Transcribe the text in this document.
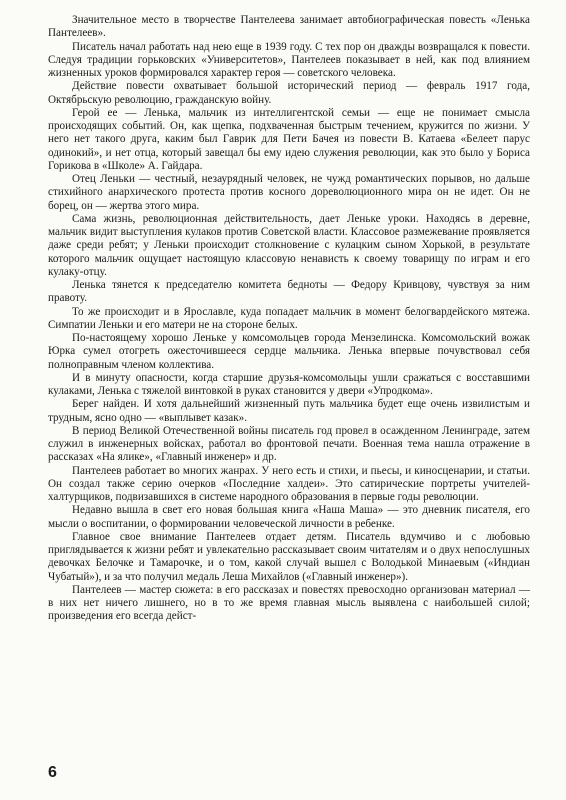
Значительное место в творчестве Пантелеева занимает автобиографическая повесть «Ленька Пантелеев».

Писатель начал работать над нею еще в 1939 году. С тех пор он дважды возвращался к повести. Следуя традиции горьковских «Университетов», Пантелеев показывает в ней, как под влиянием жизненных уроков формировался характер героя — советского человека.

Действие повести охватывает большой исторический период — февраль 1917 года, Октябрьскую революцию, гражданскую войну.

Герой ее — Ленька, мальчик из интеллигентской семьи — еще не понимает смысла происходящих событий. Он, как щепка, подхваченная быстрым течением, кружится по жизни. У него нет такого друга, каким был Гаврик для Пети Бачея из повести В. Катаева «Белеет парус одинокий», и нет отца, который завещал бы ему идею служения революции, как это было у Бориса Горикова в «Школе» А. Гайдара.

Отец Леньки — честный, незаурядный человек, не чужд романтических порывов, но дальше стихийного анархического протеста против косного дореволюционного мира он не идет. Он не борец, он — жертва этого мира.

Сама жизнь, революционная действительность, дает Леньке уроки. Находясь в деревне, мальчик видит выступления кулаков против Советской власти. Классовое размежевание проявляется даже среди ребят; у Леньки происходит столкновение с кулацким сыном Хорькой, в результате которого мальчик ощущает настоящую классовую ненависть к своему товарищу по играм и его кулаку-отцу.

Ленька тянется к председателю комитета бедноты — Федору Кривцову, чувствуя за ним правоту.

То же происходит и в Ярославле, куда попадает мальчик в момент белогвардейского мятежа. Симпатии Леньки и его матери не на стороне белых.

По-настоящему хорошо Леньке у комсомольцев города Мензелинска. Комсомольский вожак Юрка сумел отогреть ожесточившееся сердце мальчика. Ленька впервые почувствовал себя полноправным членом коллектива.

И в минуту опасности, когда старшие друзья-комсомольцы ушли сражаться с восставшими кулаками, Ленька с тяжелой винтовкой в руках становится у двери «Упродкома».

Берег найден. И хотя дальнейший жизненный путь мальчика будет еще очень извилистым и трудным, ясно одно — «выплывет казак».

В период Великой Отечественной войны писатель год провел в осажденном Ленинграде, затем служил в инженерных войсках, работал во фронтовой печати. Военная тема нашла отражение в рассказах «На ялике», «Главный инженер» и др.

Пантелеев работает во многих жанрах. У него есть и стихи, и пьесы, и киносценарии, и статьи. Он создал также серию очерков «Последние халдеи». Это сатирические портреты учителей-халтурщиков, подвизавшихся в системе народного образования в первые годы революции.

Недавно вышла в свет его новая большая книга «Наша Маша» — это дневник писателя, его мысли о воспитании, о формировании человеческой личности в ребенке.

Главное свое внимание Пантелеев отдает детям. Писатель вдумчиво и с любовью приглядывается к жизни ребят и увлекательно рассказывает своим читателям и о двух непослушных девочках Белочке и Тамарочке, и о том, какой случай вышел с Володькой Минаевым («Индиан Чубатый»), и за что получил медаль Леша Михайлов («Главный инженер»).

Пантелеев — мастер сюжета: в его рассказах и повестях превосходно организован материал — в них нет ничего лишнего, но в то же время главная мысль выявлена с наибольшей силой; произведения его всегда дейст-

6
